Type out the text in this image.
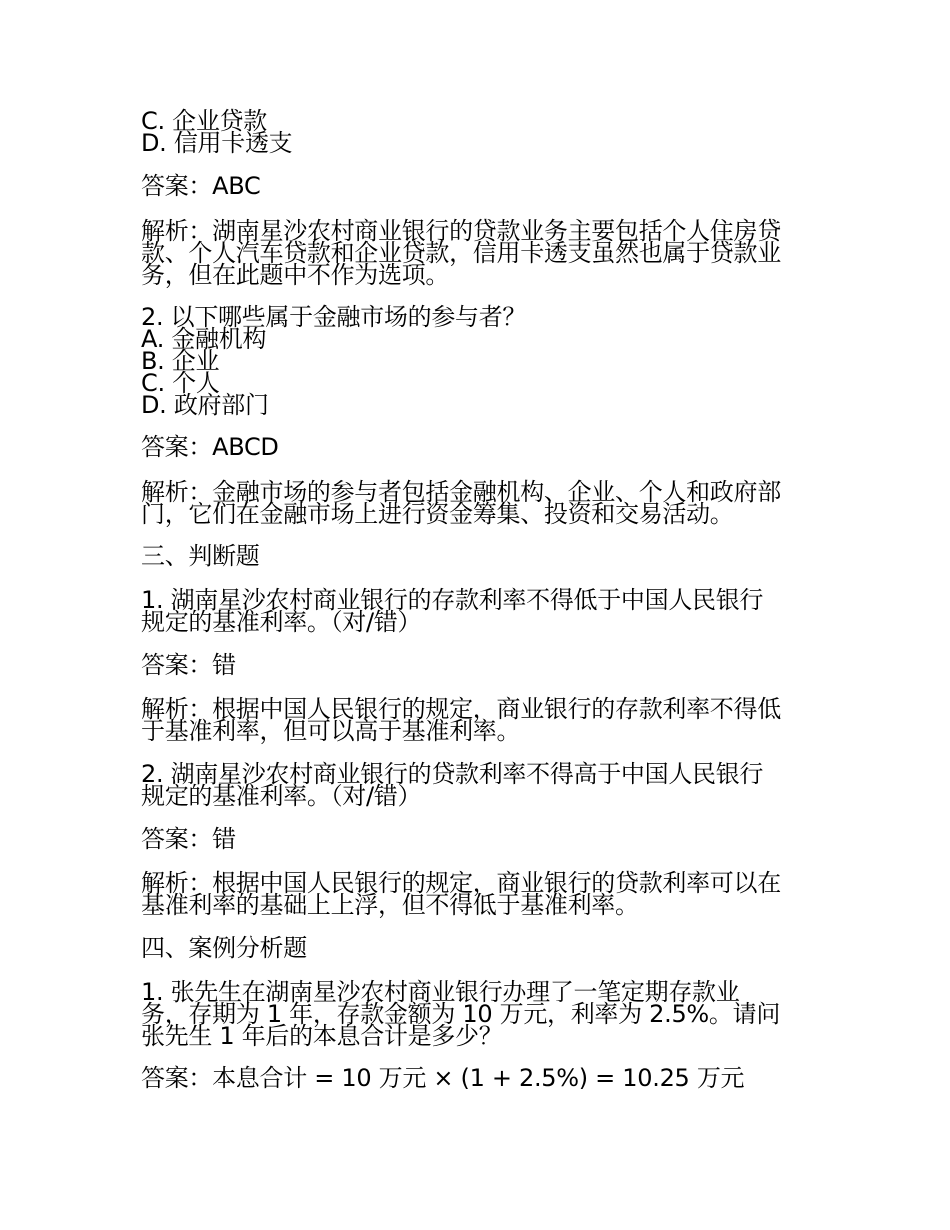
C. 企业贷款
D. 信用卡透支
答案：ABC
解析：湖南星沙农村商业银行的贷款业务主要包括个人住房贷
款、个人汽车贷款和企业贷款，信用卡透支虽然也属于贷款业
务，但在此题中不作为选项。
2. 以下哪些属于金融市场的参与者？
A. 金融机构
B. 企业
C. 个人
D. 政府部门
答案：ABCD
解析：金融市场的参与者包括金融机构、企业、个人和政府部
门，它们在金融市场上进行资金筹集、投资和交易活动。
三、判断题
1. 湖南星沙农村商业银行的存款利率不得低于中国人民银行
规定的基准利率。（对/错）
答案：错
解析：根据中国人民银行的规定，商业银行的存款利率不得低
于基准利率，但可以高于基准利率。
2. 湖南星沙农村商业银行的贷款利率不得高于中国人民银行
规定的基准利率。（对/错）
答案：错
解析：根据中国人民银行的规定，商业银行的贷款利率可以在
基准利率的基础上上浮，但不得低于基准利率。
四、案例分析题
1. 张先生在湖南星沙农村商业银行办理了一笔定期存款业
务，存期为 1 年，存款金额为 10 万元，利率为 2.5%。请问
张先生 1 年后的本息合计是多少？
答案：本息合计 = 10 万元 × (1 + 2.5%) = 10.25 万元
